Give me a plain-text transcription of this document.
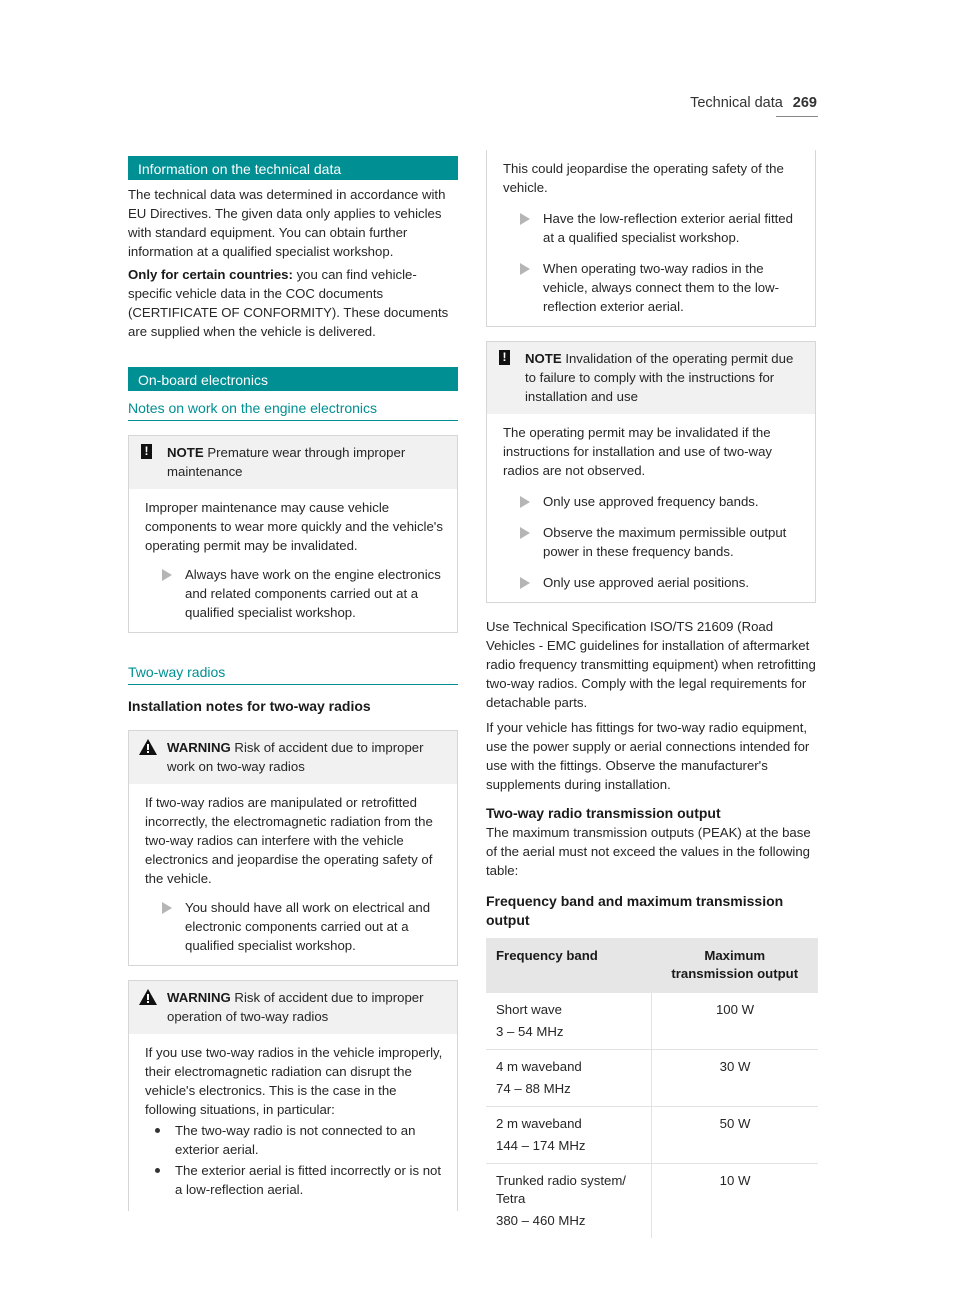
Technical data 269
Information on the technical data

The technical data was determined in accordance with EU Directives. The given data only applies to vehicles with standard equipment. You can obtain further information at a qualified specialist workshop.

Only for certain countries: you can find vehicle-specific vehicle data in the COC documents (CERTIFICATE OF CONFORMITY). These documents are supplied when the vehicle is delivered.

On-board electronics
Notes on work on the engine electronics
! NOTE Premature wear through improper maintenance

Improper maintenance may cause vehicle components to wear more quickly and the vehicle's operating permit may be invalidated.

Always have work on the engine electronics and related components carried out at a qualified specialist workshop.
Two-way radios
Installation notes for two-way radios
WARNING Risk of accident due to improper work on two-way radios

If two-way radios are manipulated or retrofitted incorrectly, the electromagnetic radiation from the two-way radios can interfere with the vehicle electronics and jeopardise the operating safety of the vehicle.

You should have all work on electrical and electronic components carried out at a qualified specialist workshop.
WARNING Risk of accident due to improper operation of two-way radios

If you use two-way radios in the vehicle improperly, their electromagnetic radiation can disrupt the vehicle's electronics. This is the case in the following situations, in particular:

The two-way radio is not connected to an exterior aerial.
The exterior aerial is fitted incorrectly or is not a low-reflection aerial.

This could jeopardise the operating safety of the vehicle.

Have the low-reflection exterior aerial fitted at a qualified specialist workshop.
When operating two-way radios in the vehicle, always connect them to the low-reflection exterior aerial.
! NOTE Invalidation of the operating permit due to failure to comply with the instructions for installation and use

The operating permit may be invalidated if the instructions for installation and use of two-way radios are not observed.

Only use approved frequency bands.
Observe the maximum permissible output power in these frequency bands.
Only use approved aerial positions.

Use Technical Specification ISO/TS 21609 (Road Vehicles - EMC guidelines for installation of aftermarket radio frequency transmitting equipment) when retrofitting two-way radios. Comply with the legal requirements for detachable parts.

If your vehicle has fittings for two-way radio equipment, use the power supply or aerial connections intended for use with the fittings. Observe the manufacturer's supplements during installation.

Two-way radio transmission output

The maximum transmission outputs (PEAK) at the base of the aerial must not exceed the values in the following table:

Frequency band and maximum transmission output
Frequency band	Maximum transmission output

Short wave
3 – 54 MHz	100 W

4 m waveband
74 – 88 MHz	30 W

2 m waveband
144 – 174 MHz	50 W

Trunked radio system/ Tetra
380 – 460 MHz	10 W
